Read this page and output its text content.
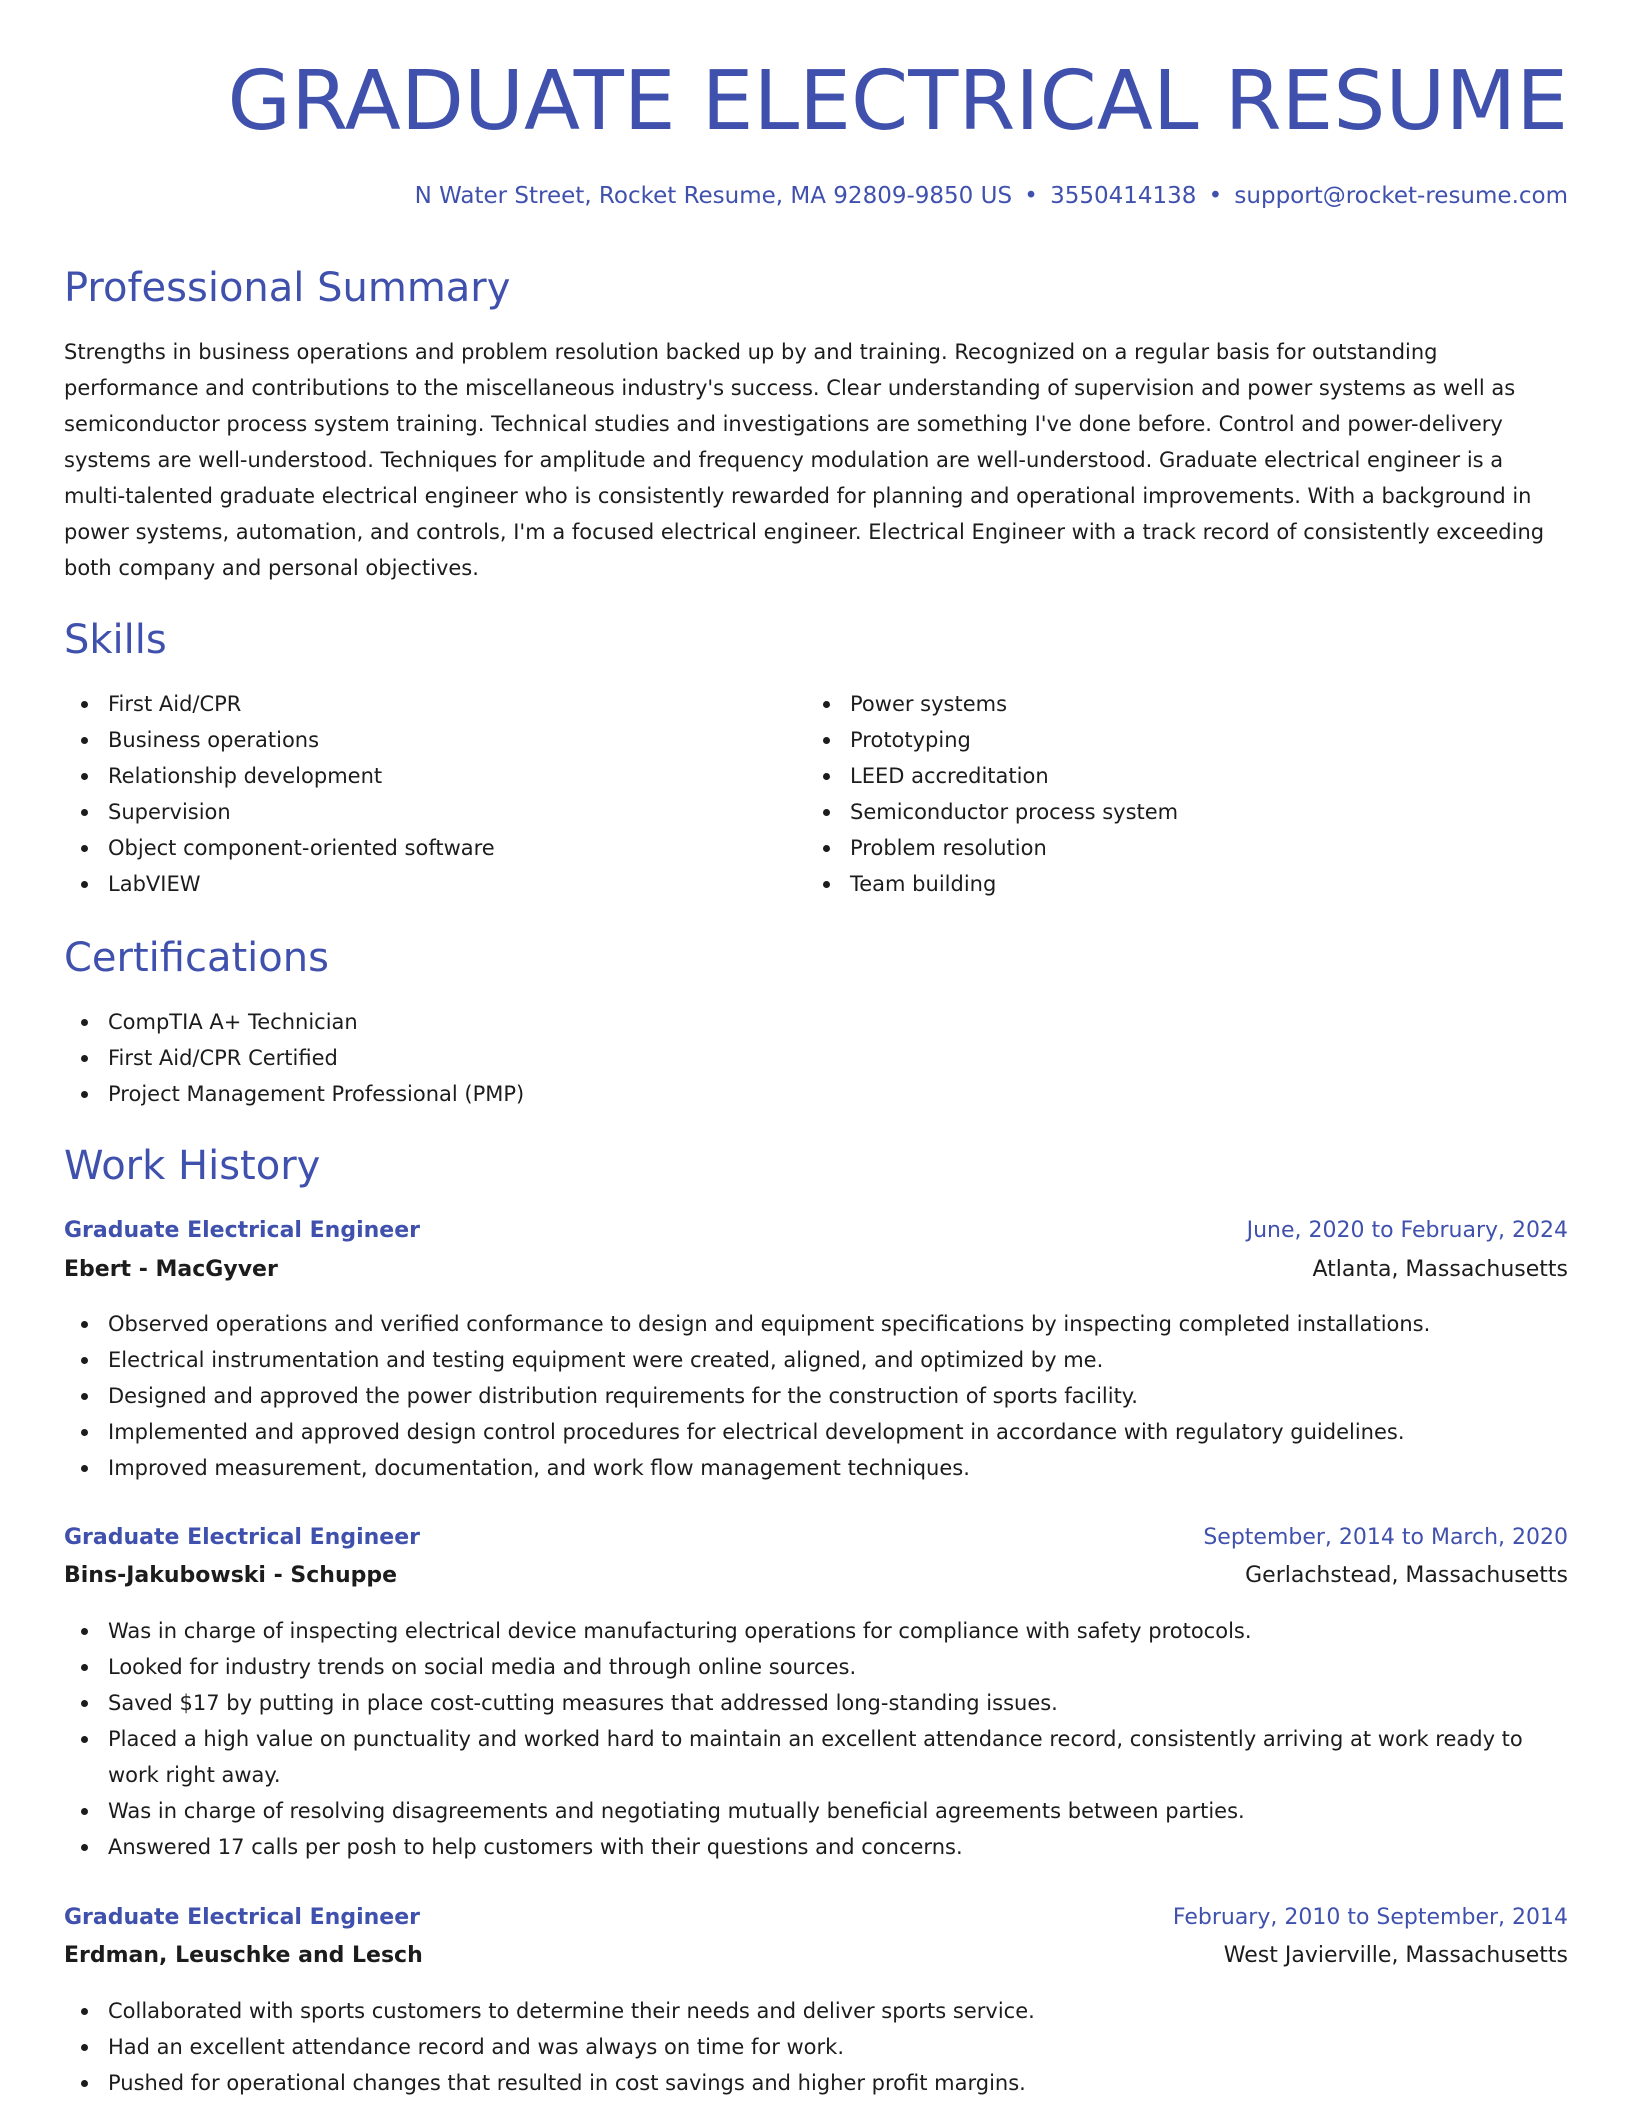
GRADUATE ELECTRICAL RESUME
N Water Street, Rocket Resume, MA 92809-9850 US • 3550414138 • support@rocket-resume.com
Professional Summary

Strengths in business operations and problem resolution backed up by and training. Recognized on a regular basis for outstanding performance and contributions to the miscellaneous industry's success. Clear understanding of supervision and power systems as well as semiconductor process system training. Technical studies and investigations are something I've done before. Control and power-delivery systems are well-understood. Techniques for amplitude and frequency modulation are well-understood. Graduate electrical engineer is a multi-talented graduate electrical engineer who is consistently rewarded for planning and operational improvements. With a background in power systems, automation, and controls, I'm a focused electrical engineer. Electrical Engineer with a track record of consistently exceeding both company and personal objectives.

Skills
First Aid/CPR
Business operations
Relationship development
Supervision
Object component-oriented software
LabVIEW
Power systems
Prototyping
LEED accreditation
Semiconductor process system
Problem resolution
Team building
Certifications
CompTIA A+ Technician
First Aid/CPR Certified
Project Management Professional (PMP)
Work History
Graduate Electrical Engineer	June, 2020 to February, 2024
Ebert - MacGyver	Atlanta, Massachusetts
Observed operations and verified conformance to design and equipment specifications by inspecting completed installations.
Electrical instrumentation and testing equipment were created, aligned, and optimized by me.
Designed and approved the power distribution requirements for the construction of sports facility.
Implemented and approved design control procedures for electrical development in accordance with regulatory guidelines.
Improved measurement, documentation, and work flow management techniques.
Graduate Electrical Engineer	September, 2014 to March, 2020
Bins-Jakubowski - Schuppe	Gerlachstead, Massachusetts
Was in charge of inspecting electrical device manufacturing operations for compliance with safety protocols.
Looked for industry trends on social media and through online sources.
Saved $17 by putting in place cost-cutting measures that addressed long-standing issues.
Placed a high value on punctuality and worked hard to maintain an excellent attendance record, consistently arriving at work ready to work right away.
Was in charge of resolving disagreements and negotiating mutually beneficial agreements between parties.
Answered 17 calls per posh to help customers with their questions and concerns.
Graduate Electrical Engineer	February, 2010 to September, 2014
Erdman, Leuschke and Lesch	West Javierville, Massachusetts
Collaborated with sports customers to determine their needs and deliver sports service.
Had an excellent attendance record and was always on time for work.
Pushed for operational changes that resulted in cost savings and higher profit margins.
